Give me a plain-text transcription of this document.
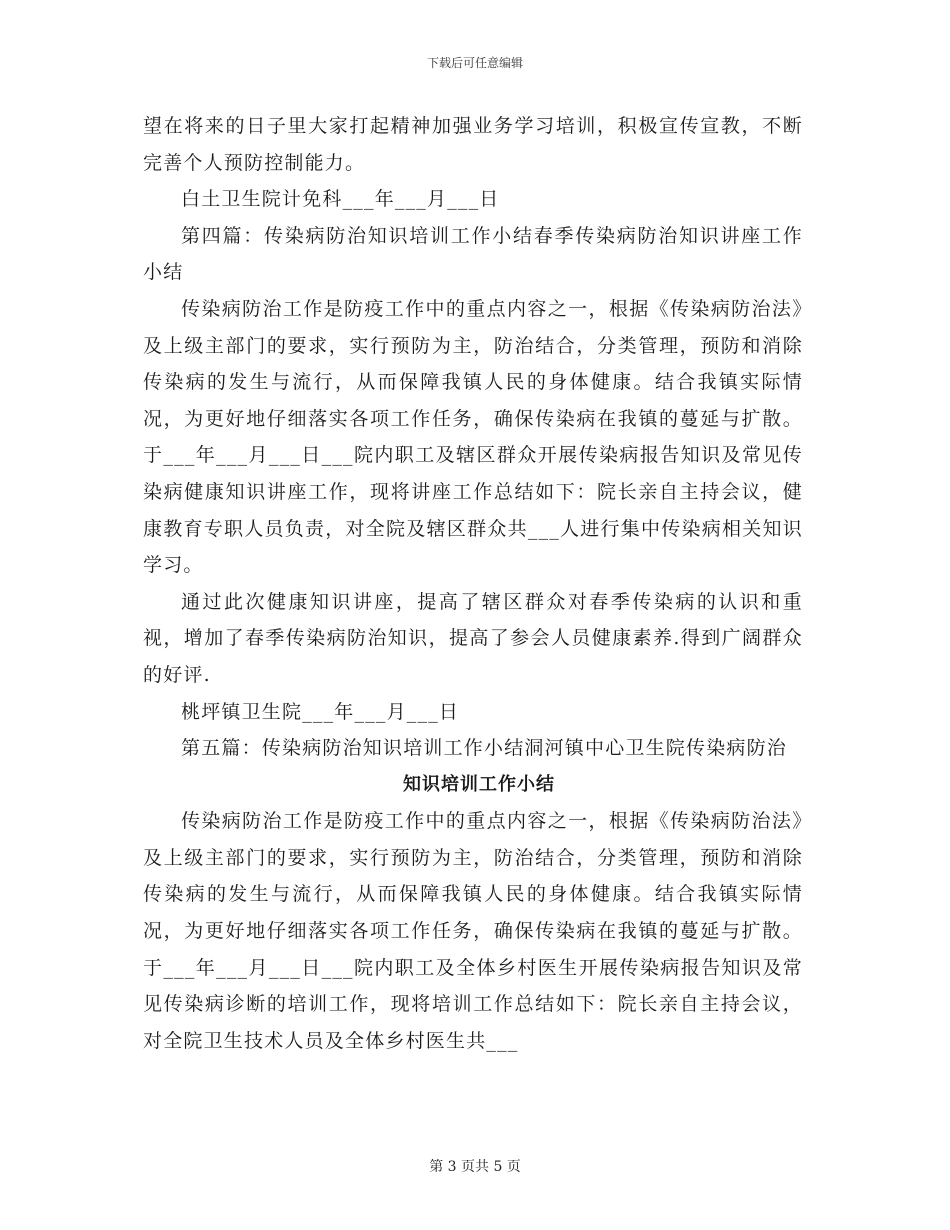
下载后可任意编辑

望在将来的日子里大家打起精神加强业务学习培训，积极宣传宣教，不断完善个人预防控制能力。

白土卫生院计免科___年___月___日

第四篇：传染病防治知识培训工作小结春季传染病防治知识讲座工作小结

传染病防治工作是防疫工作中的重点内容之一，根据《传染病防治法》及上级主部门的要求，实行预防为主，防治结合，分类管理，预防和消除传染病的发生与流行，从而保障我镇人民的身体健康。结合我镇实际情况，为更好地仔细落实各项工作任务，确保传染病在我镇的蔓延与扩散。于___年___月___日___院内职工及辖区群众开展传染病报告知识及常见传染病健康知识讲座工作，现将讲座工作总结如下：院长亲自主持会议，健康教育专职人员负责，对全院及辖区群众共___人进行集中传染病相关知识学习。

通过此次健康知识讲座，提高了辖区群众对春季传染病的认识和重视，增加了春季传染病防治知识，提高了参会人员健康素养.得到广阔群众的好评.

桃坪镇卫生院___年___月___日

第五篇：传染病防治知识培训工作小结洞河镇中心卫生院传染病防治

知识培训工作小结

传染病防治工作是防疫工作中的重点内容之一，根据《传染病防治法》及上级主部门的要求，实行预防为主，防治结合，分类管理，预防和消除传染病的发生与流行，从而保障我镇人民的身体健康。结合我镇实际情况，为更好地仔细落实各项工作任务，确保传染病在我镇的蔓延与扩散。于___年___月___日___院内职工及全体乡村医生开展传染病报告知识及常见传染病诊断的培训工作，现将培训工作总结如下：院长亲自主持会议，对全院卫生技术人员及全体乡村医生共___

第 3 页共 5 页
